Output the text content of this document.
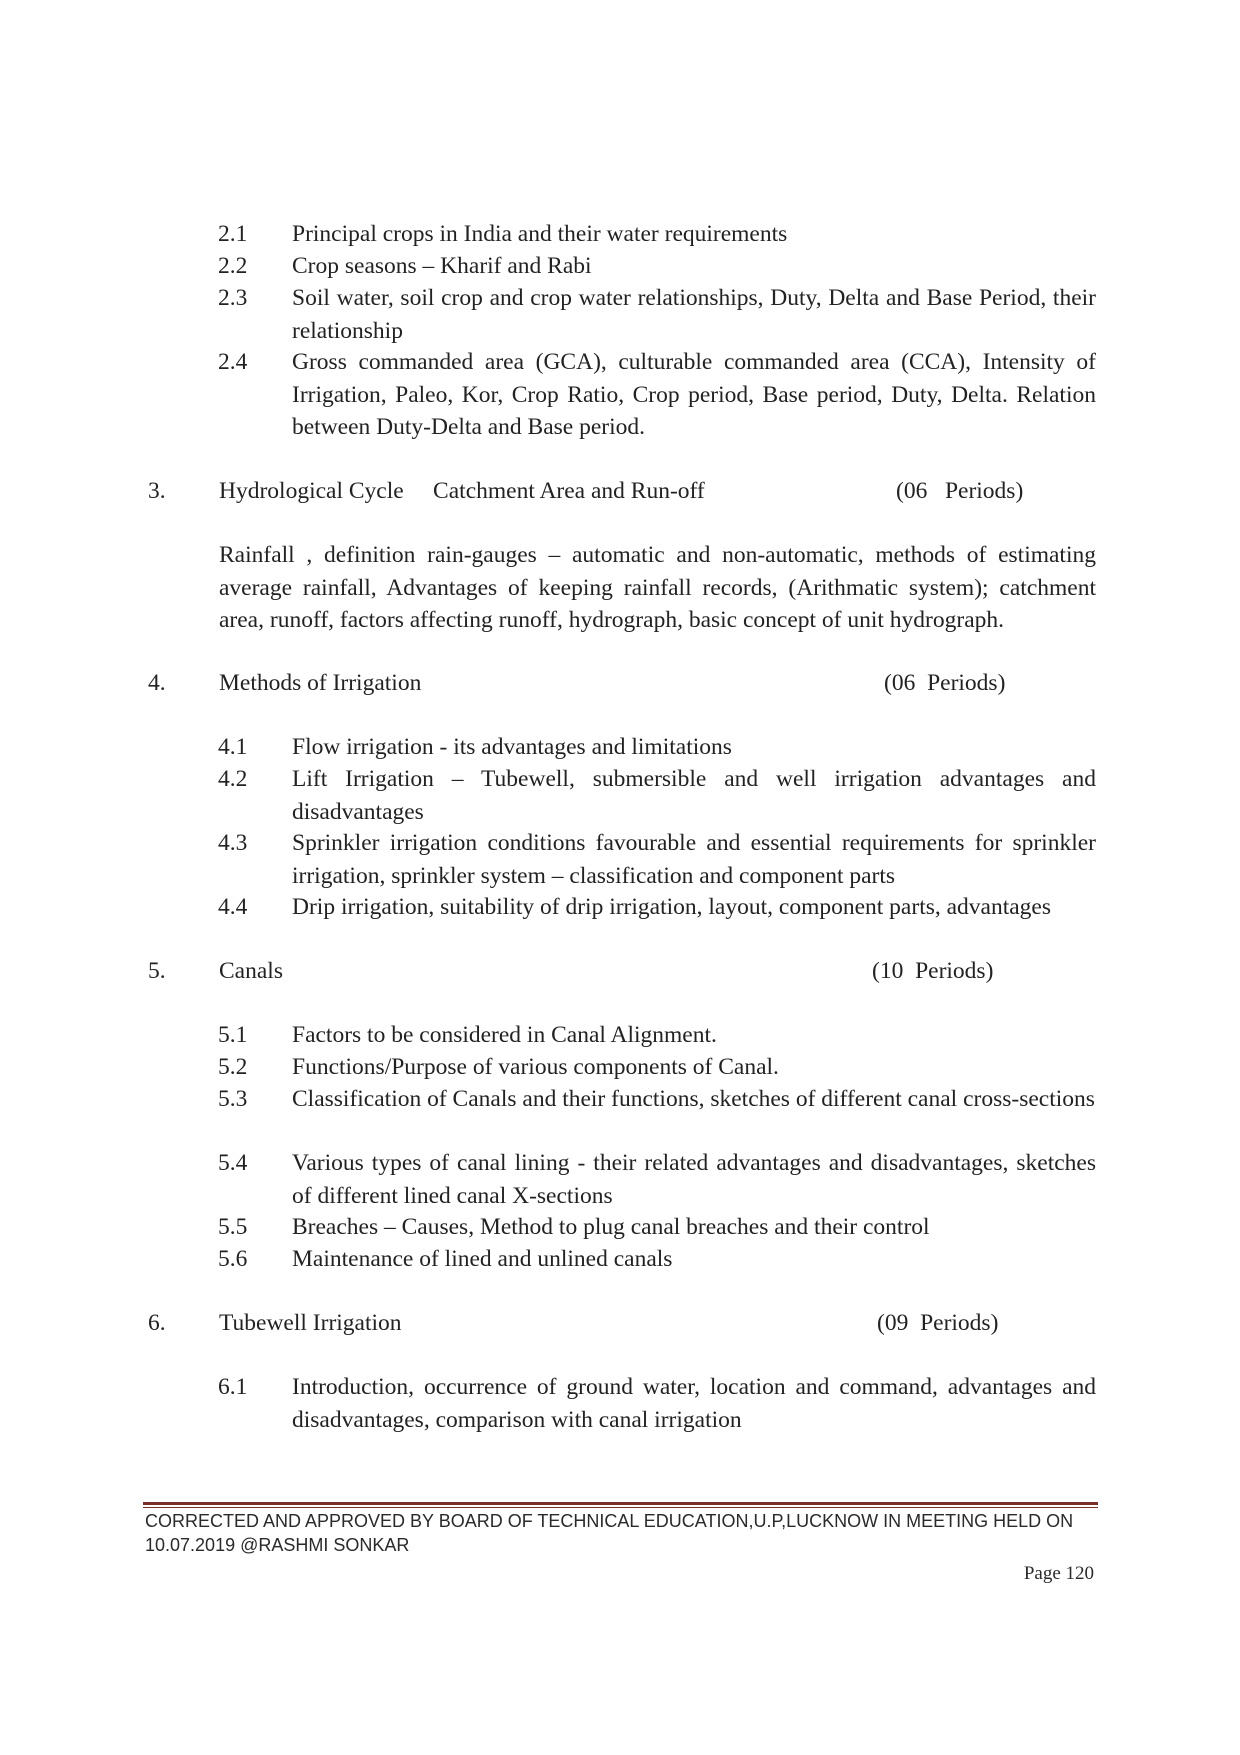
2.1 Principal crops in India and their water requirements
2.2 Crop seasons – Kharif and Rabi
2.3 Soil water, soil crop and crop water relationships, Duty, Delta and Base Period, their relationship
2.4 Gross commanded area (GCA), culturable commanded area (CCA), Intensity of Irrigation, Paleo, Kor, Crop Ratio, Crop period, Base period, Duty, Delta. Relation between Duty-Delta and Base period.
3. Hydrological Cycle     Catchment Area and Run-off	(06   Periods)
Rainfall , definition rain-gauges – automatic and non-automatic, methods of estimating average rainfall, Advantages of keeping rainfall records, (Arithmatic system); catchment area, runoff, factors affecting runoff, hydrograph, basic concept of unit hydrograph.
4. Methods of Irrigation	(06  Periods)
4.1 Flow irrigation - its advantages and limitations
4.2 Lift Irrigation – Tubewell, submersible and well irrigation advantages and disadvantages
4.3 Sprinkler irrigation conditions favourable and essential requirements for sprinkler irrigation, sprinkler system – classification and component parts
4.4 Drip irrigation, suitability of drip irrigation, layout, component parts, advantages
5. Canals	(10  Periods)
5.1 Factors to be considered in Canal Alignment.
5.2 Functions/Purpose of various components of Canal.
5.3 Classification of Canals and their functions, sketches of different canal cross-sections
5.4 Various types of canal lining - their related advantages and disadvantages, sketches of different lined canal X-sections
5.5 Breaches – Causes, Method to plug canal breaches and their control
5.6 Maintenance of lined and unlined canals
6. Tubewell Irrigation	(09  Periods)
6.1 Introduction, occurrence of ground water, location and command, advantages and disadvantages, comparison with canal irrigation
CORRECTED AND APPROVED BY BOARD OF TECHNICAL EDUCATION,U.P,LUCKNOW IN MEETING HELD ON
10.07.2019 @RASHMI SONKAR
Page 120
